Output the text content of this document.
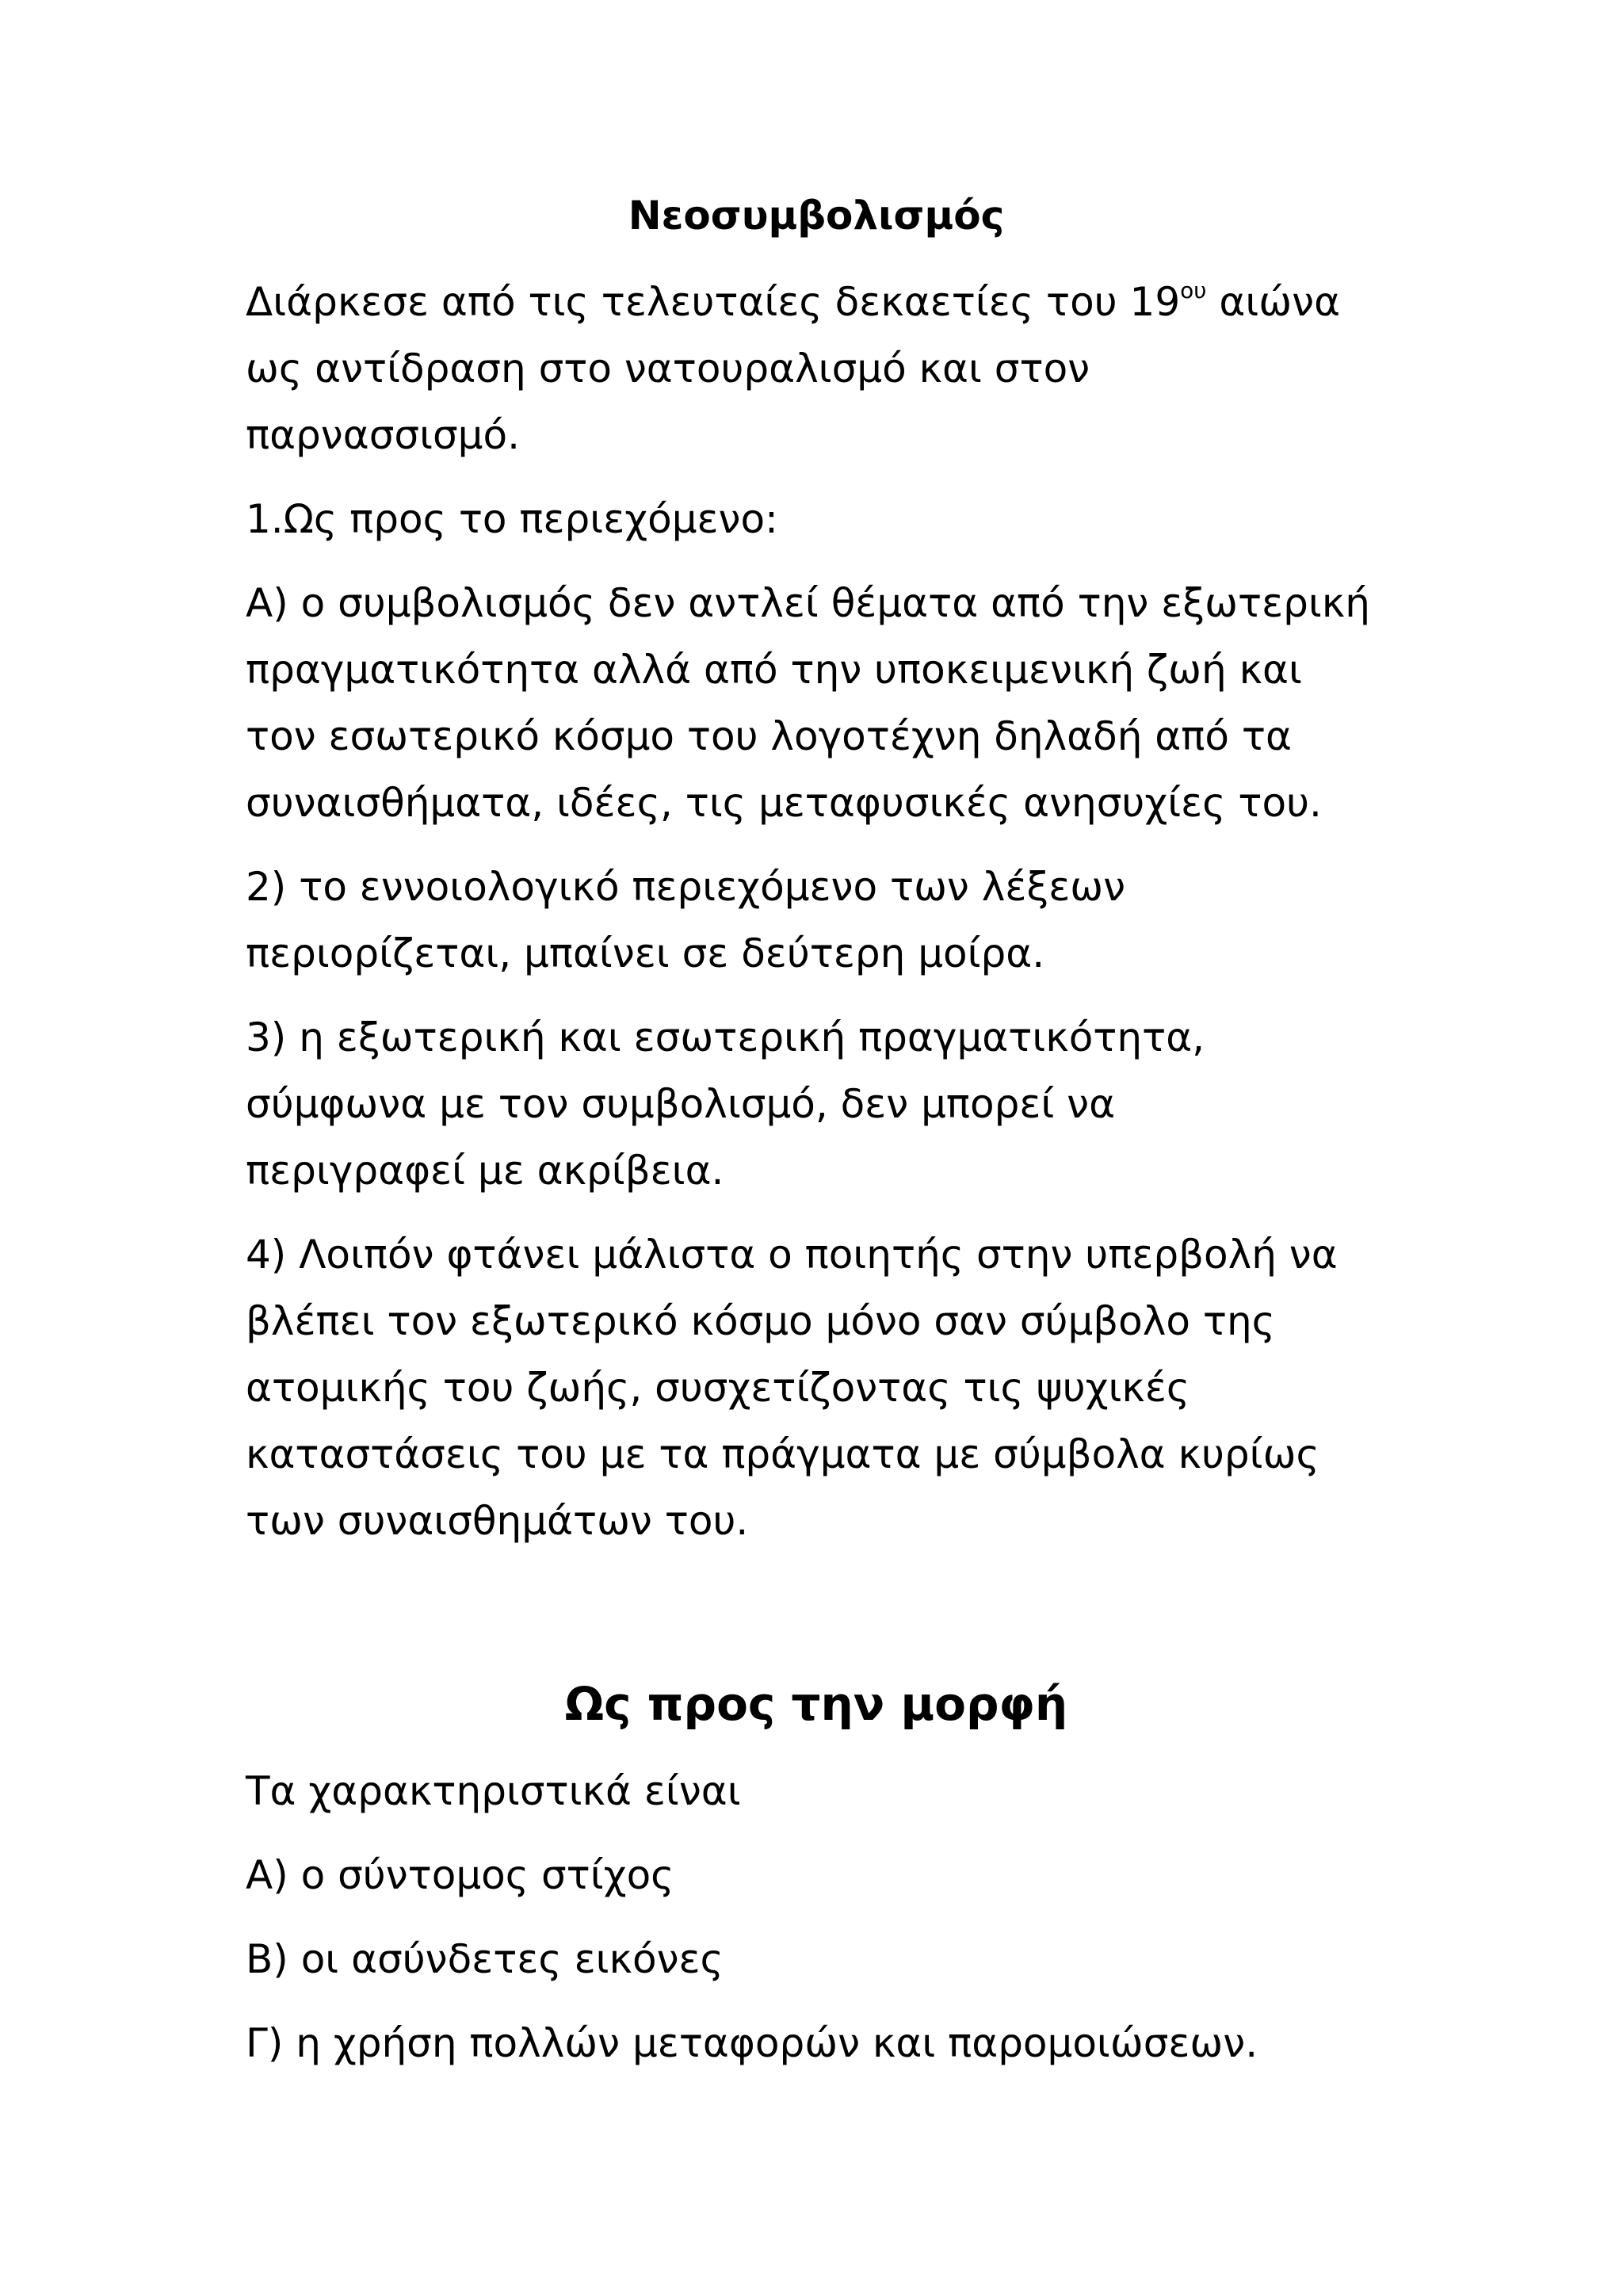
Νεοσυμβολισμός
Διάρκεσε από τις τελευταίες δεκαετίες του $19^{o\upsilon}$ αιώνα
ως αντίδραση στο νατουραλισμό και στον
παρνασσισμό.
1.Ως προς το περιεχόμενο:
Α) ο συμβολισμός δεν αντλεί θέματα από την εξωτερική
πραγματικότητα αλλά από την υποκειμενική ζωή και
τον εσωτερικό κόσμο του λογοτέχνη δηλαδή από τα
συναισθήματα, ιδέες, τις μεταφυσικές ανησυχίες του.
2) το εννοιολογικό περιεχόμενο των λέξεων
περιορίζεται, μπαίνει σε δεύτερη μοίρα.
3) η εξωτερική και εσωτερική πραγματικότητα,
σύμφωνα με τον συμβολισμό, δεν μπορεί να
περιγραφεί με ακρίβεια.
4) Λοιπόν φτάνει μάλιστα ο ποιητής στην υπερβολή να
βλέπει τον εξωτερικό κόσμο μόνο σαν σύμβολο της
ατομικής του ζωής, συσχετίζοντας τις ψυχικές
καταστάσεις του με τα πράγματα με σύμβολα κυρίως
των συναισθημάτων του.
Ως προς την μορφή
Τα χαρακτηριστικά είναι
Α) ο σύντομος στίχος
Β) οι ασύνδετες εικόνες
Γ) η χρήση πολλών μεταφορών και παρομοιώσεων.
